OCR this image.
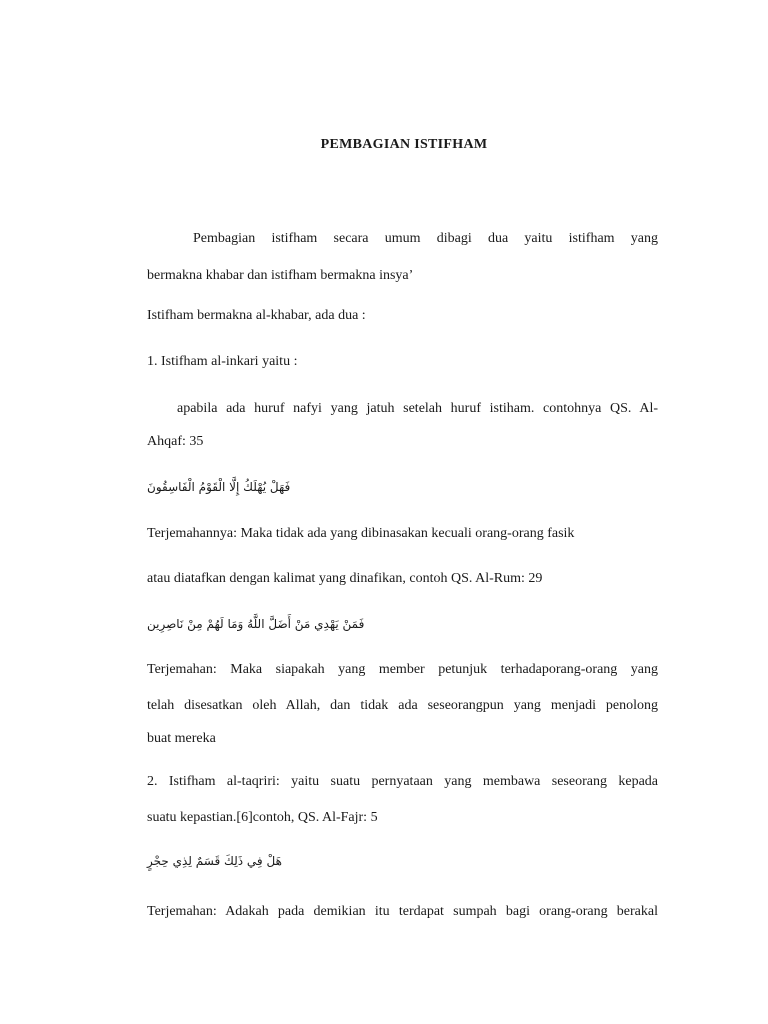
PEMBAGIAN ISTIFHAM
Pembagian istifham secara umum dibagi dua yaitu istifham yang
bermakna khabar dan istifham bermakna insya’
Istifham bermakna al-khabar, ada dua :
1. Istifham al-inkari yaitu :
apabila ada huruf nafyi yang jatuh setelah huruf istiham. contohnya QS. Al-
Ahqaf: 35
فَهَلْ يُهْلَكُ إِلَّا الْقَوْمُ الْفَاسِقُونَ
Terjemahannya: Maka tidak ada yang dibinasakan kecuali orang-orang fasik
atau diatafkan dengan kalimat yang dinafikan, contoh QS. Al-Rum: 29
فَمَنْ يَهْدِي مَنْ أَضَلَّ اللَّهُ وَمَا لَهُمْ مِنْ نَاصِرِين
Terjemahan: Maka siapakah yang member petunjuk terhadaporang-orang yang
telah disesatkan oleh Allah, dan tidak ada seseorangpun yang menjadi penolong
buat mereka
2. Istifham al-taqriri: yaitu suatu pernyataan yang membawa seseorang kepada
suatu kepastian.[6]contoh, QS. Al-Fajr: 5
هَلْ فِي ذَلِكَ قَسَمٌ لِذِي حِجْرٍ
Terjemahan: Adakah pada demikian itu terdapat sumpah bagi orang-orang berakal
